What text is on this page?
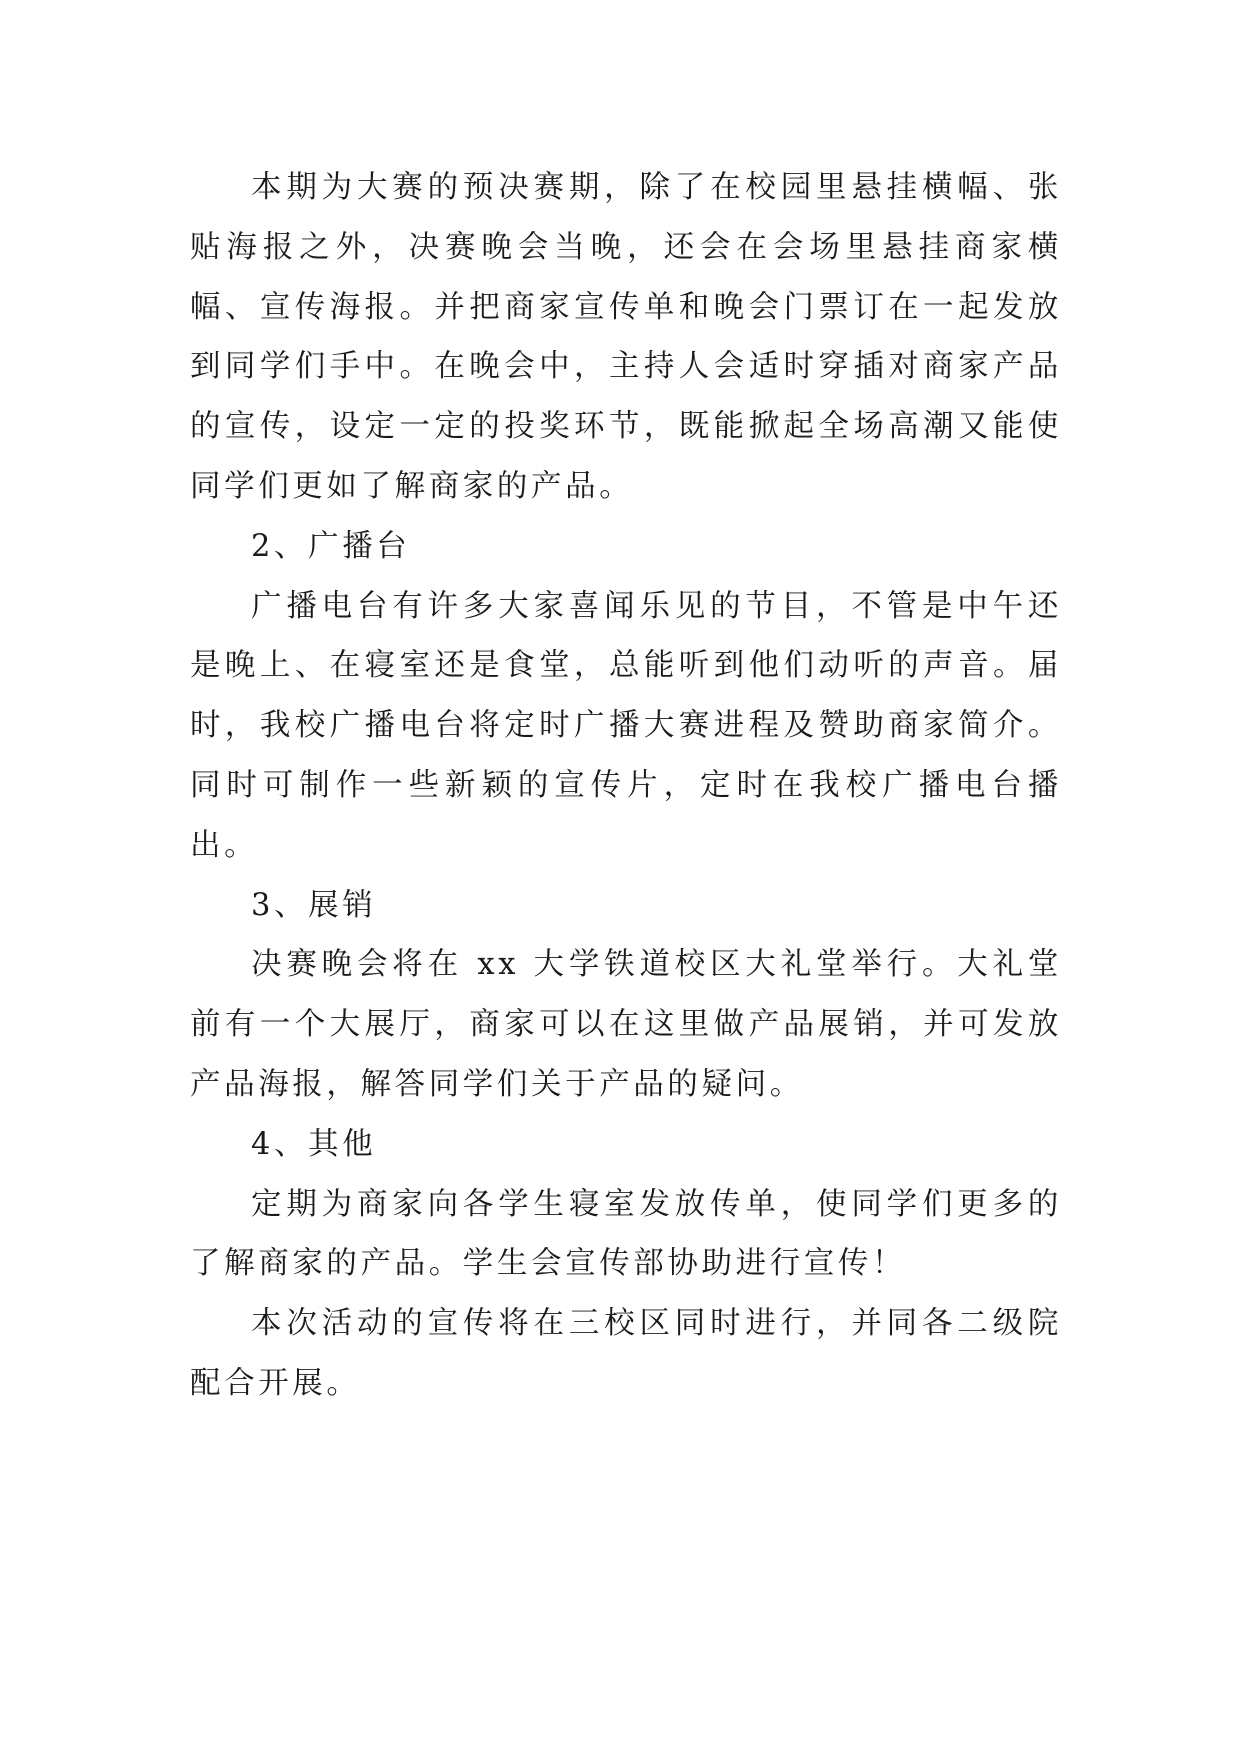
本期为大赛的预决赛期，除了在校园里悬挂横幅、张贴海报之外，决赛晚会当晚，还会在会场里悬挂商家横幅、宣传海报。并把商家宣传单和晚会门票订在一起发放到同学们手中。在晚会中，主持人会适时穿插对商家产品的宣传，设定一定的投奖环节，既能掀起全场高潮又能使同学们更如了解商家的产品。

2、广播台

广播电台有许多大家喜闻乐见的节目，不管是中午还是晚上、在寝室还是食堂，总能听到他们动听的声音。届时，我校广播电台将定时广播大赛进程及赞助商家简介。同时可制作一些新颖的宣传片，定时在我校广播电台播出。

3、展销

决赛晚会将在 xx 大学铁道校区大礼堂举行。大礼堂前有一个大展厅，商家可以在这里做产品展销，并可发放产品海报，解答同学们关于产品的疑问。

4、其他

定期为商家向各学生寝室发放传单，使同学们更多的了解商家的产品。学生会宣传部协助进行宣传！

本次活动的宣传将在三校区同时进行，并同各二级院配合开展。
